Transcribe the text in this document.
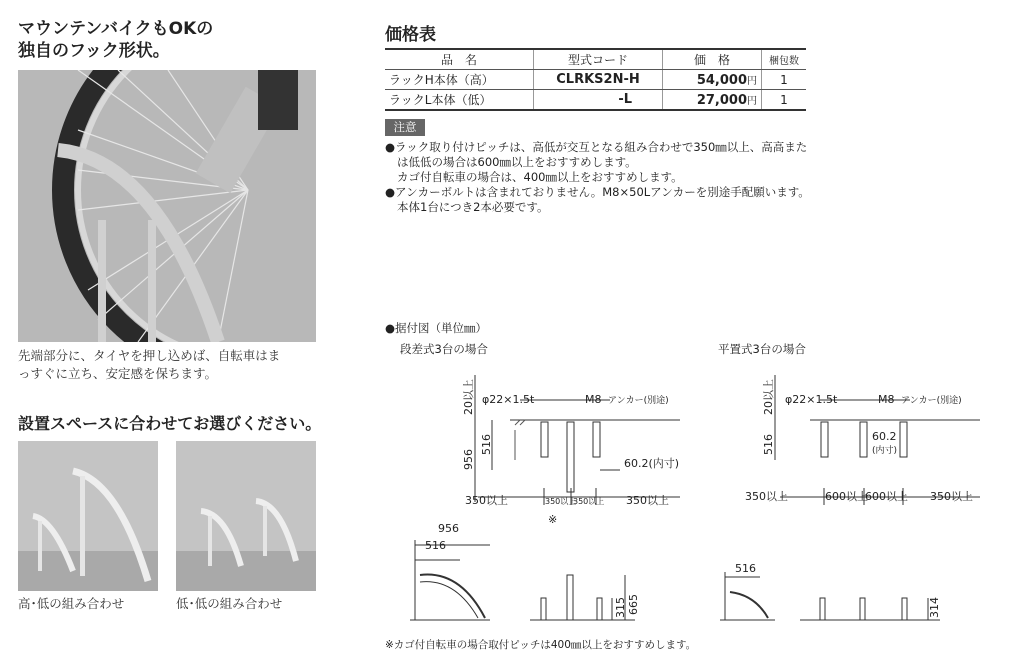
マウンテンバイクもOKの
独自のフック形状。
先端部分に、タイヤを押し込めば、自転車はま
っすぐに立ち、安定感を保ちます。
設置スペースに合わせてお選びください。
高･低の組み合わせ	低･低の組み合わせ
価格表
品　名	型式コード	価　格	梱包数
ラックH本体（高）	CLRKS2N-H	54,000円	1
ラックL本体（低）	-L	27,000円	1
注意

●ラック取り付けピッチは、高低が交互となる組み合わせで350㎜以上、高高または低低の場合は600㎜以上をおすすめします。

カゴ付自転車の場合は、400㎜以上をおすすめします。

●アンカーボルトは含まれておりません。M8×50Lアンカーを別途手配願います。本体1台につき2本必要です。

●据付図（単位㎜）
段差式3台の場合	平置式3台の場合
φ22×1.5t	M8 アンカー(別途)
20以上
956
516
60.2(内寸)
350以上	350以上
350以上 350以上
※
φ22×1.5t	M8 アンカー(別途)
20以上
516	60.2
(内寸)
350以上	600以上
600以上 350以上
956
516
665
315
516
314
※カゴ付自転車の場合取付ピッチは400㎜以上をおすすめします。
